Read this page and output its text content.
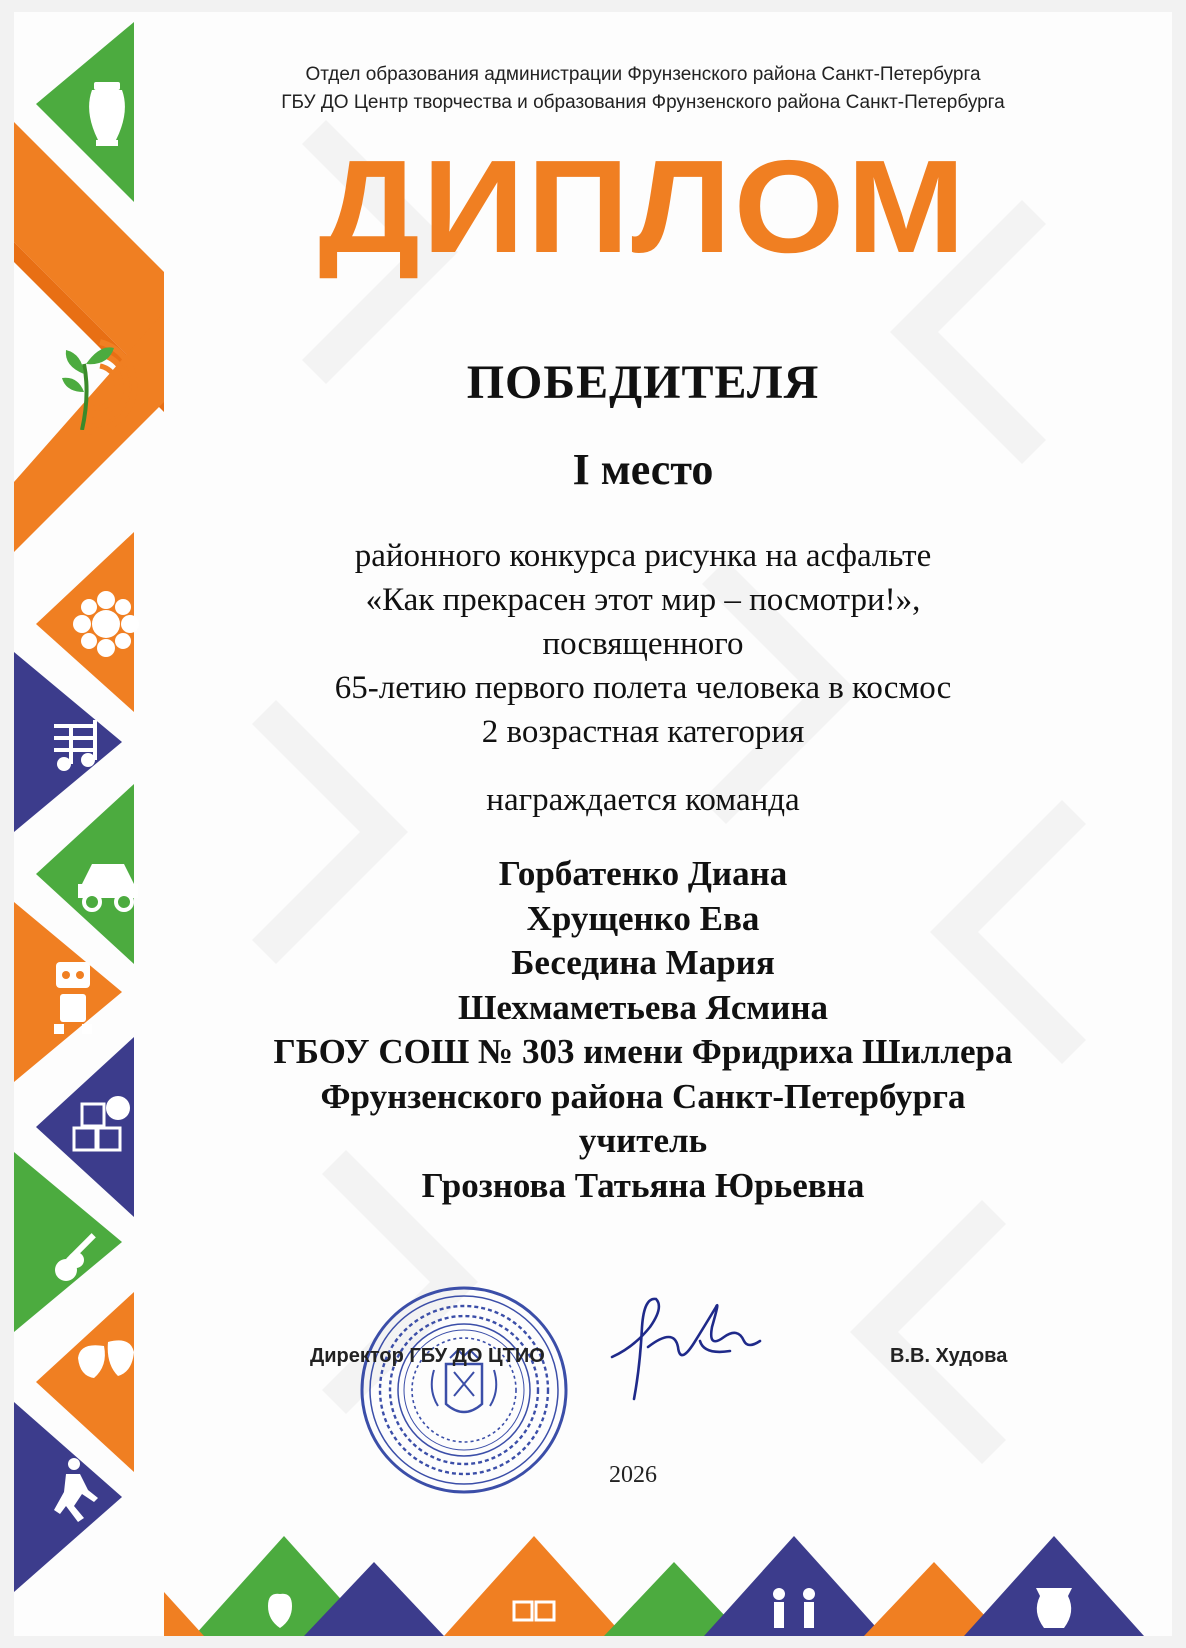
Отдел образования администрации Фрунзенского района Санкт-Петербурга
ГБУ ДО Центр творчества и образования Фрунзенского района Санкт-Петербурга
ДИПЛОМ
ПОБЕДИТЕЛЯ
I место
районного конкурса рисунка на асфальте
«Как прекрасен этот мир – посмотри!»,
посвященного
65-летию первого полета человека в космос
2 возрастная категория
награждается команда
Горбатенко Диана
Хрущенко Ева
Беседина Мария
Шехмаметьева Ясмина
ГБОУ СОШ № 303 имени Фридриха Шиллера
Фрунзенского района Санкт-Петербурга
учитель
Грознова Татьяна Юрьевна
Директор ГБУ ДО ЦТИО	В.В. Худова
2026
